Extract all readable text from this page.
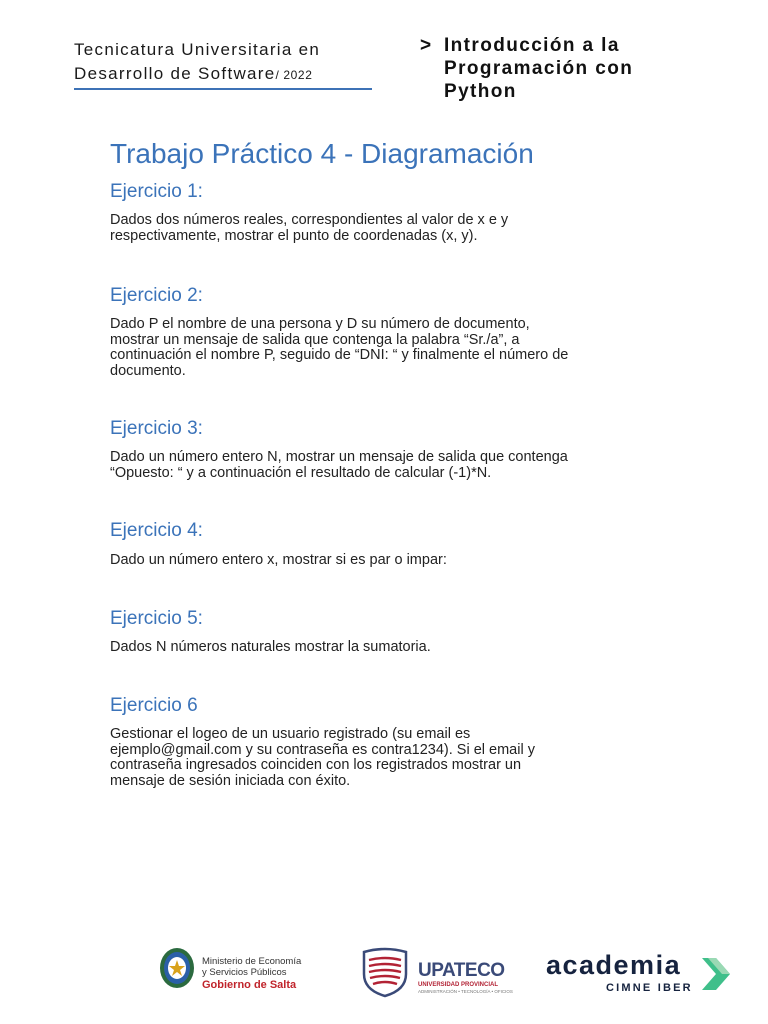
Tecnicatura Universitaria en
Desarrollo de Software/ 2022
> Introducción a la
Programación con
Python
Trabajo Práctico 4 - Diagramación
Ejercicio 1:

Dados dos números reales, correspondientes al valor de x e y

respectivamente, mostrar el punto de coordenadas (x, y).

Ejercicio 2:

Dado P el nombre de una persona y D su número de documento,

mostrar un mensaje de salida que contenga la palabra “Sr./a”, a

continuación el nombre P, seguido de “DNI: “ y finalmente el número de

documento.

Ejercicio 3:

Dado un número entero N, mostrar un mensaje de salida que contenga

“Opuesto: “ y a continuación el resultado de calcular (-1)*N.

Ejercicio 4:

Dado un número entero x, mostrar si es par o impar:

Ejercicio 5:

Dados N números naturales mostrar la sumatoria.

Ejercicio 6

Gestionar el logeo de un usuario registrado (su email es

ejemplo@gmail.com y su contraseña es contra1234). Si el email y

contraseña ingresados coinciden con los registrados mostrar un

mensaje de sesión iniciada con éxito.

Ministerio de Economía
y Servicios Públicos
Gobierno de Salta
UPATECO
UNIVERSIDAD PROVINCIAL
ADMINISTRACIÓN • TECNOLOGÍA • OFICIOS
academia
CIMNE IBER
